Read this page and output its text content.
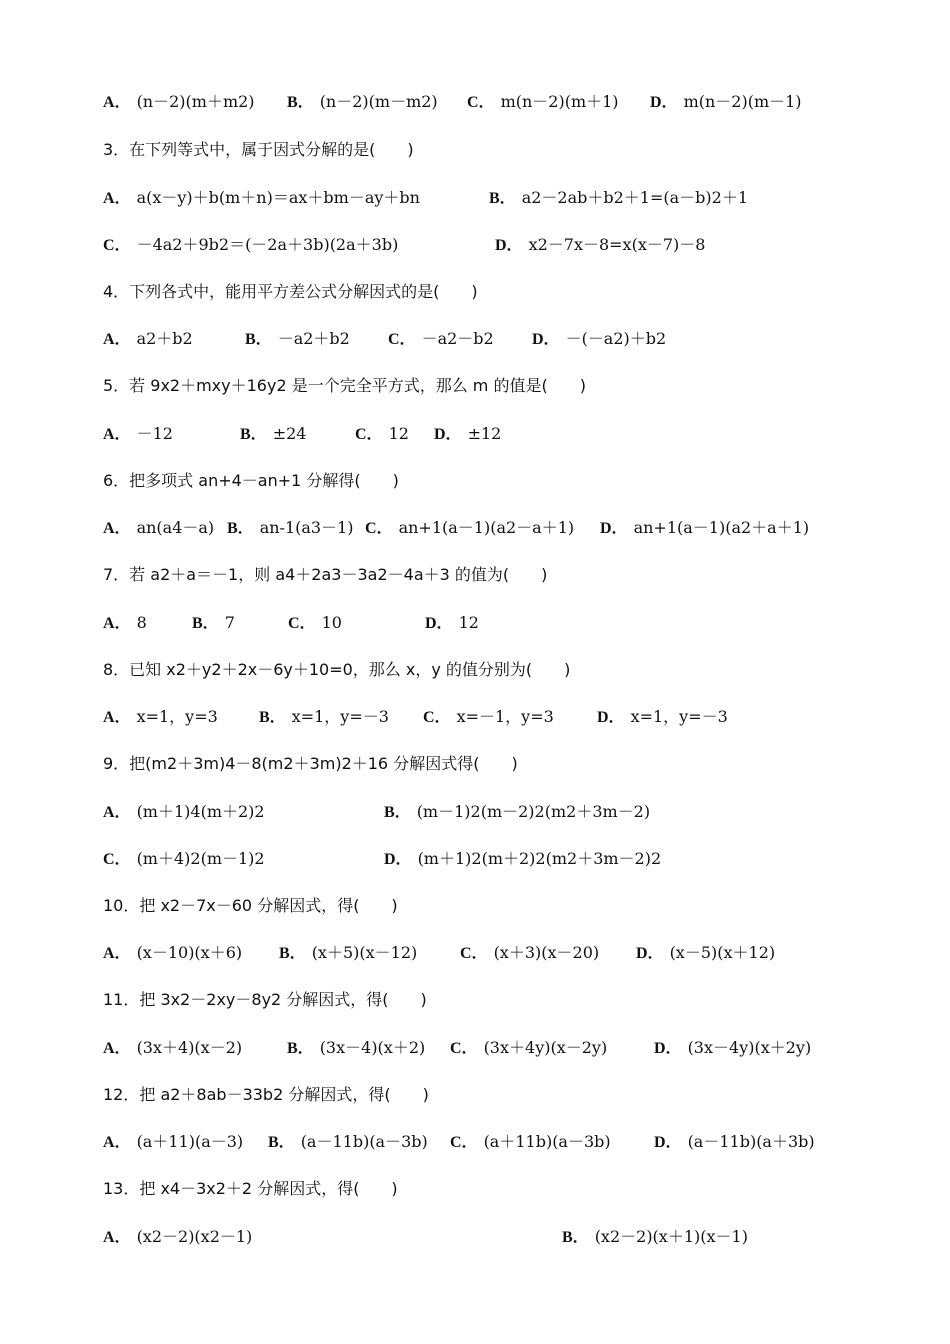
A． (n－2)(m＋m2) B． (n－2)(m－m2) C． m(n－2)(m＋1) D． m(n－2)(m－1)
3．在下列等式中，属于因式分解的是(　　)
A． a(x－y)＋b(m＋n)＝ax＋bm－ay＋bn	B． a2－2ab＋b2＋1=(a－b)2＋1
C． －4a2＋9b2＝(－2a＋3b)(2a＋3b)	D． x2－7x－8=x(x－7)－8
4．下列各式中，能用平方差公式分解因式的是(　　)
A． a2＋b2	B． －a2＋b2 C． －a2－b2 D． －(－a2)＋b2
5．若 9x2＋mxy＋16y2 是一个完全平方式，那么 m 的值是(　　)
A． －12	B． ±24	C． 12 D． ±12
6．把多项式 an+4－an+1 分解得(　　)
A． an(a4－a) B． an-1(a3－1) C． an+1(a－1)(a2－a＋1) D． an+1(a－1)(a2＋a＋1)
7．若 a2＋a＝－1，则 a4＋2a3－3a2－4a＋3 的值为(　　)
A． 8	B． 7	C． 10	D． 12
8．已知 x2＋y2＋2x－6y＋10=0，那么 x，y 的值分别为(　　)
A． x=1，y=3	B． x=1，y=－3 C． x=－1，y=3	D． x=1，y=－3
9．把(m2＋3m)4－8(m2＋3m)2＋16 分解因式得(　　)
A． (m＋1)4(m＋2)2	B． (m－1)2(m－2)2(m2＋3m－2)
C． (m＋4)2(m－1)2	D． (m＋1)2(m＋2)2(m2＋3m－2)2
10．把 x2－7x－60 分解因式，得(　　)
A． (x－10)(x＋6) B． (x＋5)(x－12)	C． (x＋3)(x－20) D． (x－5)(x＋12)
11．把 3x2－2xy－8y2 分解因式，得(　　)
A． (3x＋4)(x－2)	B． (3x－4)(x＋2) C． (3x＋4y)(x－2y)	D． (3x－4y)(x＋2y)
12．把 a2＋8ab－33b2 分解因式，得(　　)
A． (a＋11)(a－3) B． (a－11b)(a－3b) C． (a＋11b)(a－3b)	D． (a－11b)(a＋3b)
13．把 x4－3x2＋2 分解因式，得(　　)
A． (x2－2)(x2－1)	B． (x2－2)(x＋1)(x－1)
